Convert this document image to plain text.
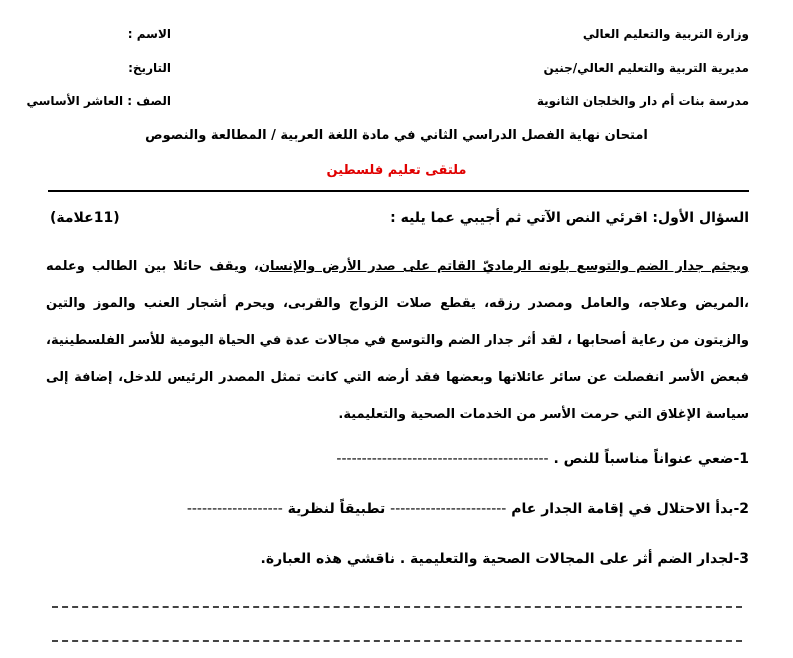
وزارة التربية والتعليم العالي
مديرية التربية والتعليم العالي/جنين
مدرسة بنات أم دار والخلجان الثانوية
الاسم :
التاريخ:
الصف : العاشر الأساسي
امتحان نهاية الفصل الدراسي الثاني في مادة اللغة العربية / المطالعة والنصوص
ملتقى تعليم فلسطين
السؤال الأول: اقرئي النص الآتي ثم أجيبي عما يليه :
(11علامة)
ويجثم جدار الضم والتوسع بلونه الرماديّ القاتم على صدر الأرض والإنسان، ويقف حائلا بين الطالب وعلمه ،المريض وعلاجه، والعامل ومصدر رزقه، يقطع صلات الزواج والقربى، ويحرم أشجار العنب والموز والتين والزيتون من رعاية أصحابها ، لقد أثر جدار الضم والتوسع في مجالات عدة في الحياة اليومية للأسر الفلسطينية، فبعض الأسر انفصلت عن سائر عائلاتها وبعضها فقد أرضه التي كانت تمثل المصدر الرئيس للدخل، إضافة إلى سياسة الإغلاق التي حرمت الأسر من الخدمات الصحية والتعليمية.
1-ضعي عنواناً مناسباً للنص . ------------------------------------------
2-بدأ الاحتلال في إقامة الجدار عام ----------------------- تطبيقاً لنظرية -------------------
3-لجدار الضم أثر على المجالات الصحية والتعليمية . ناقشي هذه العبارة.
